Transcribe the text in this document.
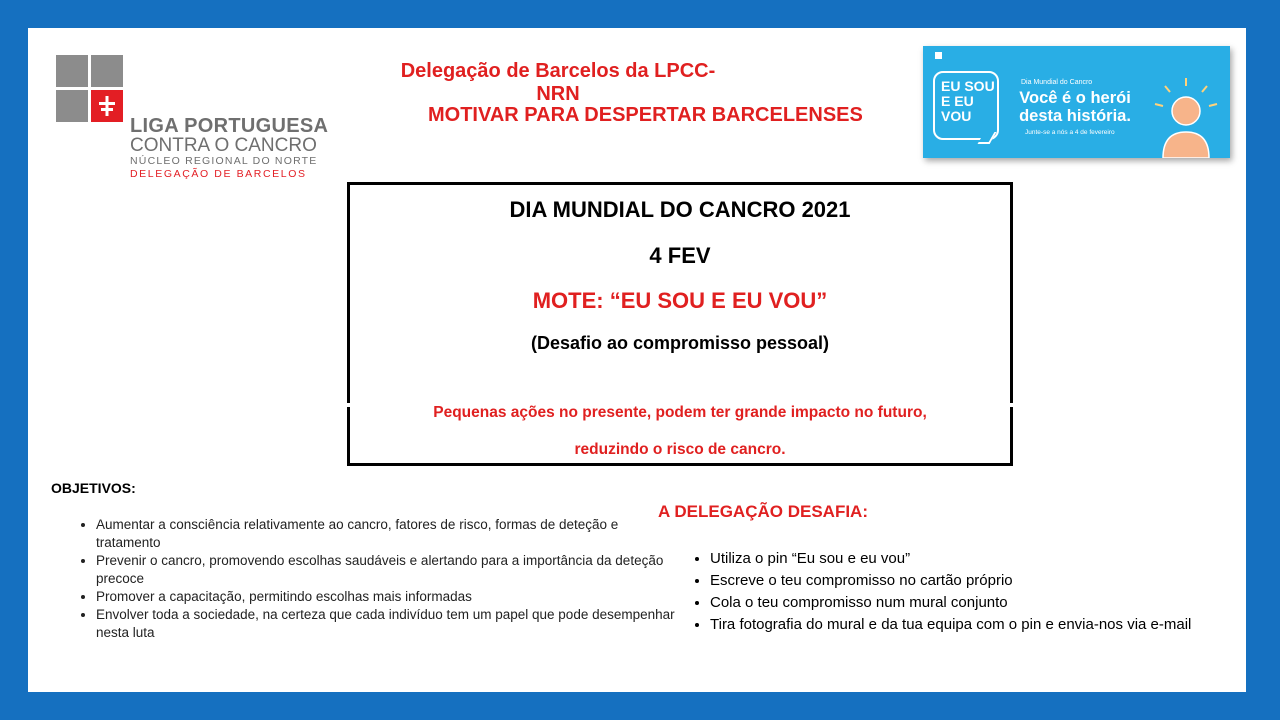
LIGA PORTUGUESA
CONTRA O CANCRO
NÚCLEO REGIONAL DO NORTE
DELEGAÇÃO DE BARCELOS
Delegação de Barcelos da LPCC-NRN
MOTIVAR PARA DESPERTAR BARCELENSES
EU SOU E EU VOU
Dia Mundial do Cancro
Você é o herói desta história.
Junte-se a nós a 4 de fevereiro
DIA MUNDIAL DO CANCRO 2021
4 FEV
MOTE: “EU SOU E EU VOU”
(Desafio ao compromisso pessoal)
Pequenas ações no presente, podem ter grande impacto no futuro,
reduzindo o risco de cancro.
OBJETIVOS:
• Aumentar a consciência relativamente ao cancro, fatores de risco, formas de deteção e tratamento
• Prevenir o cancro, promovendo escolhas saudáveis e alertando para a importância da deteção precoce
• Promover a capacitação, permitindo escolhas mais informadas
• Envolver toda a sociedade, na certeza que cada indivíduo tem um papel que pode desempenhar nesta luta
A DELEGAÇÃO DESAFIA:
• Utiliza o pin “Eu sou e eu vou”
• Escreve o teu compromisso no cartão próprio
• Cola o teu compromisso num mural conjunto
• Tira fotografia do mural e da tua equipa com o pin e envia-nos via e-mail
